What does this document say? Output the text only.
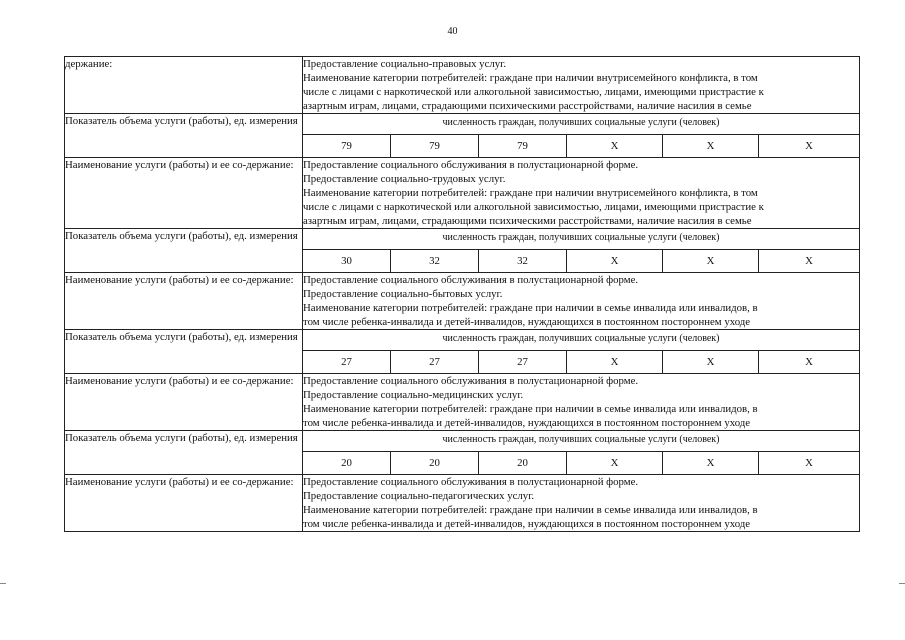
40
держание:	Предоставление социально-правовых услуг.
Наименование категории потребителей: граждане при наличии внутрисемейного конфликта, в том
числе с лицами с наркотической или алкогольной зависимостью, лицами, имеющими пристрастие к
азартным играм, лицами, страдающими психическими расстройствами, наличие насилия в семье					

Показатель объема услуги (работы), ед. измерения	численность граждан, получивших социальные услуги (человек)					
	79	79	79	X	X	X
Наименование услуги (работы) и ее со-держание:	Предоставление социального обслуживания в полустационарной форме.
Предоставление социально-трудовых услуг.
Наименование категории потребителей: граждане при наличии внутрисемейного конфликта, в том
числе с лицами с наркотической или алкогольной зависимостью, лицами, имеющими пристрастие к
азартным играм, лицами, страдающими психическими расстройствами, наличие насилия в семье					

Показатель объема услуги (работы), ед. измерения	численность граждан, получивших социальные услуги (человек)					
	30	32	32	X	X	X
Наименование услуги (работы) и ее со-держание:	Предоставление социального обслуживания в полустационарной форме.
Предоставление социально-бытовых услуг.
Наименование категории потребителей: граждане при наличии в семье инвалида или инвалидов, в
том числе ребенка-инвалида и детей-инвалидов, нуждающихся в постоянном постороннем уходе					

Показатель объема услуги (работы), ед. измерения	численность граждан, получивших социальные услуги (человек)					
	27	27	27	X	X	X
Наименование услуги (работы) и ее со-держание:	Предоставление социального обслуживания в полустационарной форме.
Предоставление социально-медицинских услуг.
Наименование категории потребителей: граждане при наличии в семье инвалида или инвалидов, в
том числе ребенка-инвалида и детей-инвалидов, нуждающихся в постоянном постороннем уходе					

Показатель объема услуги (работы), ед. измерения	численность граждан, получивших социальные услуги (человек)					
	20	20	20	X	X	X
Наименование услуги (работы) и ее со-держание:	Предоставление социального обслуживания в полустационарной форме.
Предоставление социально-педагогических услуг.
Наименование категории потребителей: граждане при наличии в семье инвалида или инвалидов, в
том числе ребенка-инвалида и детей-инвалидов, нуждающихся в постоянном постороннем уходе					
